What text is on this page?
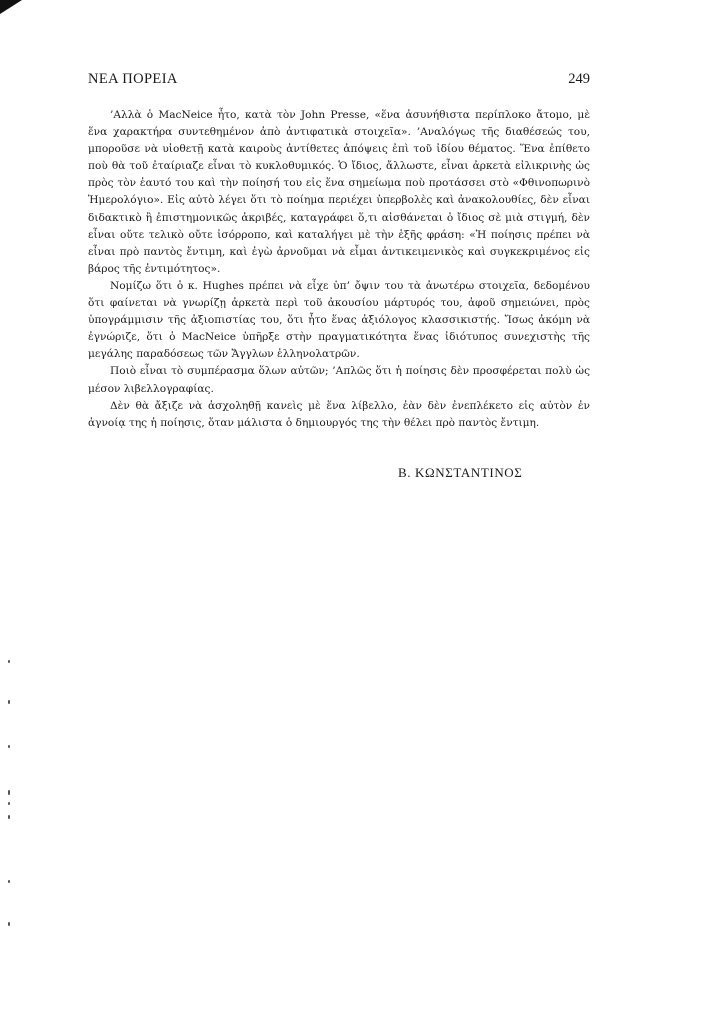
ΝΕΑ ΠΟΡΕΙΑ	249

’Αλλὰ ὁ MacNeice ἦτο, κατὰ τὸν John Presse, «ἕνα ἀσυνήθιστα περίπλοκο ἄτομο, μὲ ἕνα χαρακτήρα συντεθημένον ἀπὸ ἀντιφατικὰ στοιχεῖα». ’Αναλόγως τῆς διαθέσεώς του, μποροῦσε νὰ υἱοθετῇ κατὰ καιροὺς ἀντίθετες ἀπόψεις ἐπὶ τοῦ ἰδίου θέματος. Ἕνα ἐπίθετο ποὺ θὰ τοῦ ἐταίριαζε εἶναι τὸ κυκλοθυμικός. Ὁ ἴδιος, ἄλλωστε, εἶναι ἀρκετὰ εἰλικρινὴς ὡς πρὸς τὸν ἑαυτό του καὶ τὴν ποίησή του εἰς ἕνα σημείωμα ποὺ προτάσσει στὸ «Φθινοπωρινὸ Ἡμερολόγιο». Εἰς αὐτὸ λέγει ὅτι τὸ ποίημα περιέχει ὑπερβολὲς καὶ ἀνακολουθίες, δὲν εἶναι διδακτικὸ ἢ ἐπιστημονικῶς ἀκριβές, καταγράφει ὅ,τι αἰσθάνεται ὁ ἴδιος σὲ μιὰ στιγμή, δὲν εἶναι οὔτε τελικὸ οὔτε ἰσόρροπο, καὶ καταλήγει μὲ τὴν ἑξῆς φράση: «Ἡ ποίησις πρέπει νὰ εἶναι πρὸ παντὸς ἔντιμη, καὶ ἐγὼ ἀρνοῦμαι νὰ εἶμαι ἀντικειμενικὸς καὶ συγκεκριμένος εἰς βάρος τῆς ἐντιμότητος».

Νομίζω ὅτι ὁ κ. Hughes πρέπει νὰ εἶχε ὑπ’ ὄψιν του τὰ ἀνωτέρω στοιχεῖα, δεδομένου ὅτι φαίνεται νὰ γνωρίζῃ ἀρκετὰ περὶ τοῦ ἀκουσίου μάρτυρός του, ἀφοῦ σημειώνει, πρὸς ὑπογράμμισιν τῆς ἀξιοπιστίας του, ὅτι ἦτο ἕνας ἀξιόλογος κλασσικιστής. Ἴσως ἀκόμη νὰ ἐγνώριζε, ὅτι ὁ MacNeice ὑπῆρξε στὴν πραγματικότητα ἕνας ἰδιότυπος συνεχιστὴς τῆς μεγάλης παραδόσεως τῶν Ἄγγλων ἑλληνολατρῶν.

Ποιὸ εἶναι τὸ συμπέρασμα ὅλων αὐτῶν; ’Απλῶς ὅτι ἡ ποίησις δὲν προσφέρεται πολὺ ὡς μέσον λιβελλογραφίας.

Δὲν θὰ ἄξιζε νὰ ἀσχοληθῇ κανεὶς μὲ ἕνα λίβελλο, ἐὰν δὲν ἐνεπλέκετο εἰς αὐτὸν ἐν ἀγνοίᾳ της ἡ ποίησις, ὅταν μάλιστα ὁ δημιουργός της τὴν θέλει πρὸ παντὸς ἔντιμη.

Β. ΚΩΝΣΤΑΝΤΙΝΟΣ
